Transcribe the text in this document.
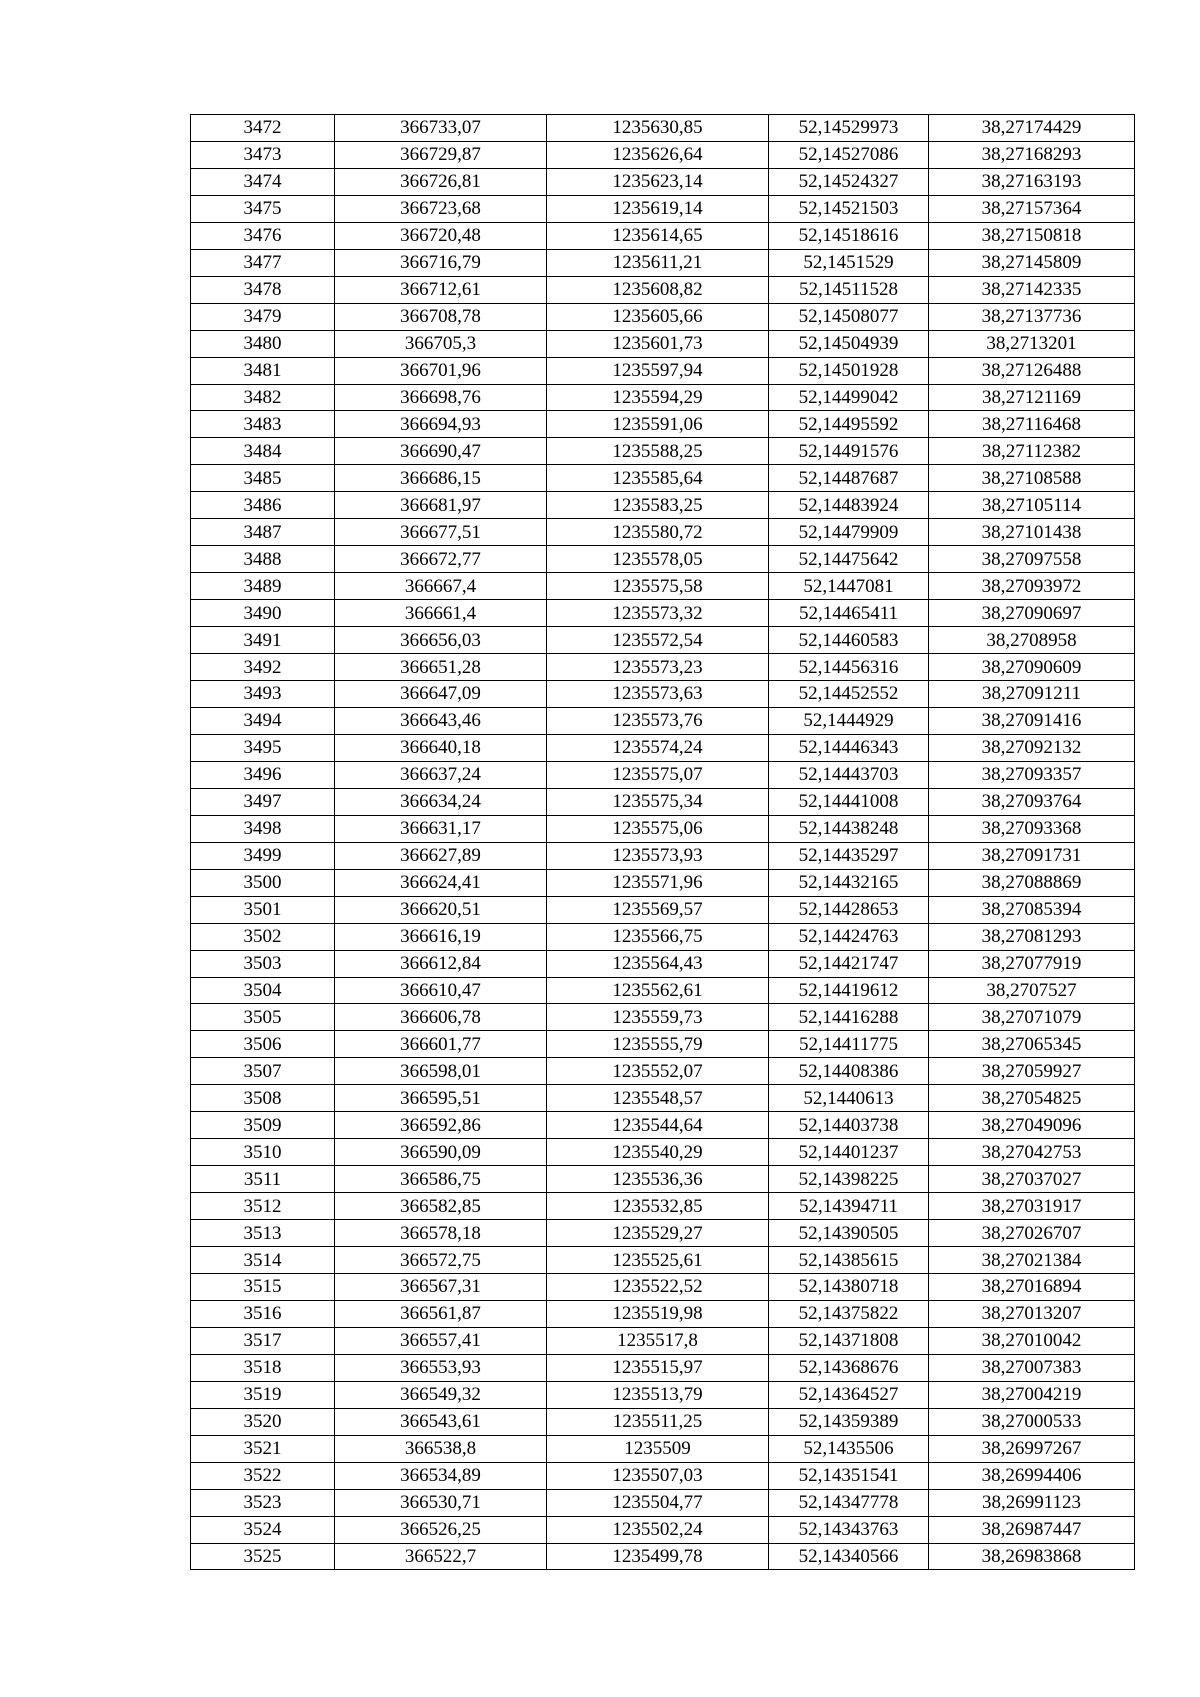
3472	366733,07	1235630,85	52,14529973	38,27174429
3473	366729,87	1235626,64	52,14527086	38,27168293
3474	366726,81	1235623,14	52,14524327	38,27163193
3475	366723,68	1235619,14	52,14521503	38,27157364
3476	366720,48	1235614,65	52,14518616	38,27150818
3477	366716,79	1235611,21	52,1451529	38,27145809
3478	366712,61	1235608,82	52,14511528	38,27142335
3479	366708,78	1235605,66	52,14508077	38,27137736
3480	366705,3	1235601,73	52,14504939	38,2713201
3481	366701,96	1235597,94	52,14501928	38,27126488
3482	366698,76	1235594,29	52,14499042	38,27121169
3483	366694,93	1235591,06	52,14495592	38,27116468
3484	366690,47	1235588,25	52,14491576	38,27112382
3485	366686,15	1235585,64	52,14487687	38,27108588
3486	366681,97	1235583,25	52,14483924	38,27105114
3487	366677,51	1235580,72	52,14479909	38,27101438
3488	366672,77	1235578,05	52,14475642	38,27097558
3489	366667,4	1235575,58	52,1447081	38,27093972
3490	366661,4	1235573,32	52,14465411	38,27090697
3491	366656,03	1235572,54	52,14460583	38,2708958
3492	366651,28	1235573,23	52,14456316	38,27090609
3493	366647,09	1235573,63	52,14452552	38,27091211
3494	366643,46	1235573,76	52,1444929	38,27091416
3495	366640,18	1235574,24	52,14446343	38,27092132
3496	366637,24	1235575,07	52,14443703	38,27093357
3497	366634,24	1235575,34	52,14441008	38,27093764
3498	366631,17	1235575,06	52,14438248	38,27093368
3499	366627,89	1235573,93	52,14435297	38,27091731
3500	366624,41	1235571,96	52,14432165	38,27088869
3501	366620,51	1235569,57	52,14428653	38,27085394
3502	366616,19	1235566,75	52,14424763	38,27081293
3503	366612,84	1235564,43	52,14421747	38,27077919
3504	366610,47	1235562,61	52,14419612	38,2707527
3505	366606,78	1235559,73	52,14416288	38,27071079
3506	366601,77	1235555,79	52,14411775	38,27065345
3507	366598,01	1235552,07	52,14408386	38,27059927
3508	366595,51	1235548,57	52,1440613	38,27054825
3509	366592,86	1235544,64	52,14403738	38,27049096
3510	366590,09	1235540,29	52,14401237	38,27042753
3511	366586,75	1235536,36	52,14398225	38,27037027
3512	366582,85	1235532,85	52,14394711	38,27031917
3513	366578,18	1235529,27	52,14390505	38,27026707
3514	366572,75	1235525,61	52,14385615	38,27021384
3515	366567,31	1235522,52	52,14380718	38,27016894
3516	366561,87	1235519,98	52,14375822	38,27013207
3517	366557,41	1235517,8	52,14371808	38,27010042
3518	366553,93	1235515,97	52,14368676	38,27007383
3519	366549,32	1235513,79	52,14364527	38,27004219
3520	366543,61	1235511,25	52,14359389	38,27000533
3521	366538,8	1235509	52,1435506	38,26997267
3522	366534,89	1235507,03	52,14351541	38,26994406
3523	366530,71	1235504,77	52,14347778	38,26991123
3524	366526,25	1235502,24	52,14343763	38,26987447
3525	366522,7	1235499,78	52,14340566	38,26983868
